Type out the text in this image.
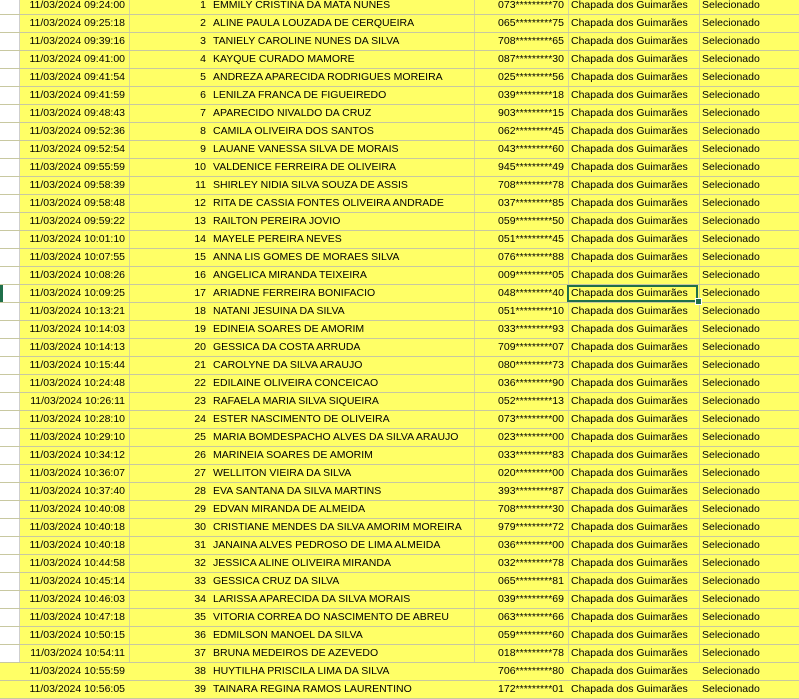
11/03/2024 09:24:00	1 EMMILY CRISTINA DA MATA NUNES	073*********70 Chapada dos Guimarães	Selecionado
11/03/2024 09:25:18	2 ALINE PAULA LOUZADA DE CERQUEIRA	065*********75 Chapada dos Guimarães	Selecionado
11/03/2024 09:39:16	3 TANIELY CAROLINE NUNES DA SILVA	708*********65 Chapada dos Guimarães	Selecionado
11/03/2024 09:41:00	4 KAYQUE CURADO MAMORE	087*********30 Chapada dos Guimarães	Selecionado
11/03/2024 09:41:54	5 ANDREZA APARECIDA RODRIGUES MOREIRA	025*********56 Chapada dos Guimarães	Selecionado
11/03/2024 09:41:59	6 LENILZA FRANCA DE FIGUEIREDO	039*********18 Chapada dos Guimarães	Selecionado
11/03/2024 09:48:43	7 APARECIDO NIVALDO DA CRUZ	903*********15 Chapada dos Guimarães	Selecionado
11/03/2024 09:52:36	8 CAMILA OLIVEIRA DOS SANTOS	062*********45 Chapada dos Guimarães	Selecionado
11/03/2024 09:52:54	9 LAUANE VANESSA SILVA DE MORAIS	043*********60 Chapada dos Guimarães	Selecionado
11/03/2024 09:55:59	10 VALDENICE FERREIRA DE OLIVEIRA	945*********49 Chapada dos Guimarães	Selecionado
11/03/2024 09:58:39	11 SHIRLEY NIDIA SILVA SOUZA DE ASSIS	708*********78 Chapada dos Guimarães	Selecionado
11/03/2024 09:58:48	12 RITA DE CASSIA FONTES OLIVEIRA ANDRADE	037*********85 Chapada dos Guimarães	Selecionado
11/03/2024 09:59:22	13 RAILTON PEREIRA JOVIO	059*********50 Chapada dos Guimarães	Selecionado
11/03/2024 10:01:10	14 MAYELE PEREIRA NEVES	051*********45 Chapada dos Guimarães	Selecionado
11/03/2024 10:07:55	15 ANNA LIS GOMES DE MORAES SILVA	076*********88 Chapada dos Guimarães	Selecionado
11/03/2024 10:08:26	16 ANGELICA MIRANDA TEIXEIRA	009*********05 Chapada dos Guimarães	Selecionado
11/03/2024 10:09:25	17 ARIADNE FERREIRA BONIFACIO	048*********40 Chapada dos Guimarães	Selecionado
11/03/2024 10:13:21	18 NATANI JESUINA DA SILVA	051*********10 Chapada dos Guimarães	Selecionado
11/03/2024 10:14:03	19 EDINEIA SOARES DE AMORIM	033*********93 Chapada dos Guimarães	Selecionado
11/03/2024 10:14:13	20 GESSICA DA COSTA ARRUDA	709*********07 Chapada dos Guimarães	Selecionado
11/03/2024 10:15:44	21 CAROLYNE DA SILVA ARAUJO	080*********73 Chapada dos Guimarães	Selecionado
11/03/2024 10:24:48	22 EDILAINE OLIVEIRA CONCEICAO	036*********90 Chapada dos Guimarães	Selecionado
11/03/2024 10:26:11	23 RAFAELA MARIA SILVA SIQUEIRA	052*********13 Chapada dos Guimarães	Selecionado
11/03/2024 10:28:10	24 ESTER NASCIMENTO DE OLIVEIRA	073*********00 Chapada dos Guimarães	Selecionado
11/03/2024 10:29:10	25 MARIA BOMDESPACHO ALVES DA SILVA ARAUJO	023*********00 Chapada dos Guimarães	Selecionado
11/03/2024 10:34:12	26 MARINEIA SOARES DE AMORIM	033*********83 Chapada dos Guimarães	Selecionado
11/03/2024 10:36:07	27 WELLITON VIEIRA DA SILVA	020*********00 Chapada dos Guimarães	Selecionado
11/03/2024 10:37:40	28 EVA SANTANA DA SILVA MARTINS	393*********87 Chapada dos Guimarães	Selecionado
11/03/2024 10:40:08	29 EDVAN MIRANDA DE ALMEIDA	708*********30 Chapada dos Guimarães	Selecionado
11/03/2024 10:40:18	30 CRISTIANE MENDES DA SILVA AMORIM MOREIRA	979*********72 Chapada dos Guimarães	Selecionado
11/03/2024 10:40:18	31 JANAINA ALVES PEDROSO DE LIMA ALMEIDA	036*********00 Chapada dos Guimarães	Selecionado
11/03/2024 10:44:58	32 JESSICA ALINE OLIVEIRA MIRANDA	032*********78 Chapada dos Guimarães	Selecionado
11/03/2024 10:45:14	33 GESSICA CRUZ DA SILVA	065*********81 Chapada dos Guimarães	Selecionado
11/03/2024 10:46:03	34 LARISSA APARECIDA DA SILVA MORAIS	039*********69 Chapada dos Guimarães	Selecionado
11/03/2024 10:47:18	35 VITORIA CORREA DO NASCIMENTO DE ABREU	063*********66 Chapada dos Guimarães	Selecionado
11/03/2024 10:50:15	36 EDMILSON MANOEL DA SILVA	059*********60 Chapada dos Guimarães	Selecionado
11/03/2024 10:54:11	37 BRUNA MEDEIROS DE AZEVEDO	018*********78 Chapada dos Guimarães	Selecionado
11/03/2024 10:55:59	38 HUYTILHA PRISCILA LIMA DA SILVA	706*********80 Chapada dos Guimarães	Selecionado
11/03/2024 10:56:05	39 TAINARA REGINA RAMOS LAURENTINO	172*********01 Chapada dos Guimarães	Selecionado
